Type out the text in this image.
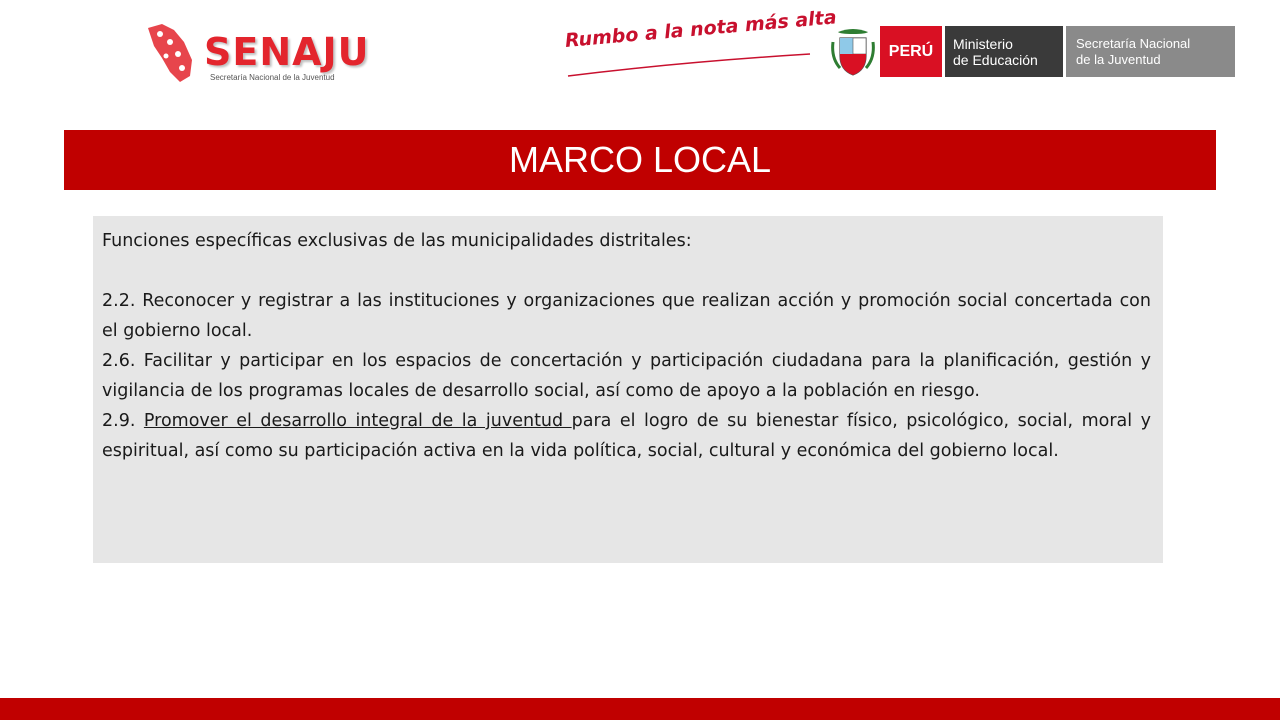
SENAJU
Secretaría Nacional de la Juventud
Rumbo a la nota más alta	PERÚ	Ministerio
de Educación
Secretaría Nacional
de la Juventud
MARCO LOCAL

Funciones específicas exclusivas de las municipalidades distritales:

2.2. Reconocer y registrar a las instituciones y organizaciones que realizan acción y promoción social concertada con el gobierno local.

2.6. Facilitar y participar en los espacios de concertación y participación ciudadana para la planificación, gestión y vigilancia de los programas locales de desarrollo social, así como de apoyo a la población en riesgo.

2.9. Promover el desarrollo integral de la juventud para el logro de su bienestar físico, psicológico, social, moral y espiritual, así como su participación activa en la vida política, social, cultural y económica del gobierno local.
